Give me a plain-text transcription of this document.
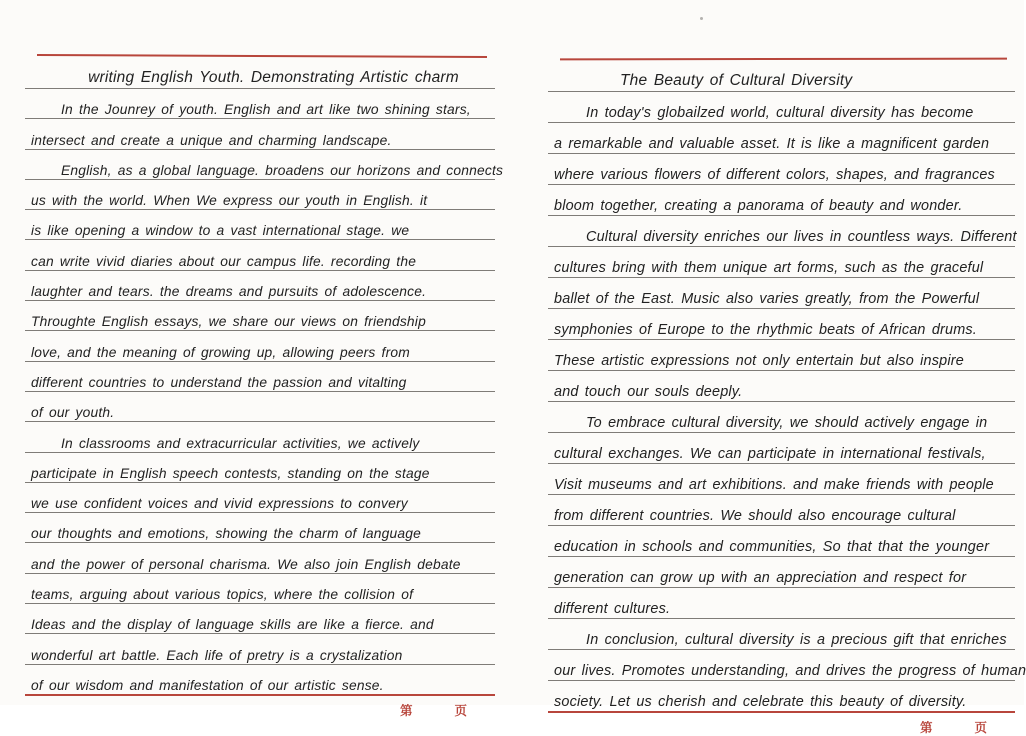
writing English Youth. Demonstrating Artistic charm
In the Jounrey of youth. English and art like two shining stars,
intersect and create a unique and charming landscape.
English, as a global language. broadens our horizons and connects
us with the world. When We express our youth in English. it
is like opening a window to a vast international stage. we
can write vivid diaries about our campus life. recording the
laughter and tears. the dreams and pursuits of adolescence.
Throughte English essays, we share our views on friendship
love, and the meaning of growing up, allowing peers from
different countries to understand the passion and vitalting
of our youth.
In classrooms and extracurricular activities, we actively
participate in English speech contests, standing on the stage
we use confident voices and vivid expressions to convery
our thoughts and emotions, showing the charm of language
and the power of personal charisma. We also join English debate
teams, arguing about various topics, where the collision of
Ideas and the display of language skills are like a fierce. and
wonderful art battle. Each life of pretry is a crystalization
of our wisdom and manifestation of our artistic sense.
第	页
The Beauty of Cultural Diversity
In today's globailzed world, cultural diversity has become
a remarkable and valuable asset. It is like a magnificent garden
where various flowers of different colors, shapes, and fragrances
bloom together, creating a panorama of beauty and wonder.
Cultural diversity enriches our lives in countless ways. Different
cultures bring with them unique art forms, such as the graceful
ballet of the East. Music also varies greatly, from the Powerful
symphonies of Europe to the rhythmic beats of African drums.
These artistic expressions not only entertain but also inspire
and touch our souls deeply.
To embrace cultural diversity, we should actively engage in
cultural exchanges. We can participate in international festivals,
Visit museums and art exhibitions. and make friends with people
from different countries. We should also encourage cultural
education in schools and communities, So that that the younger
generation can grow up with an appreciation and respect for
different cultures.
In conclusion, cultural diversity is a precious gift that enriches
our lives. Promotes understanding, and drives the progress of human
society. Let us cherish and celebrate this beauty of diversity.
第	页
